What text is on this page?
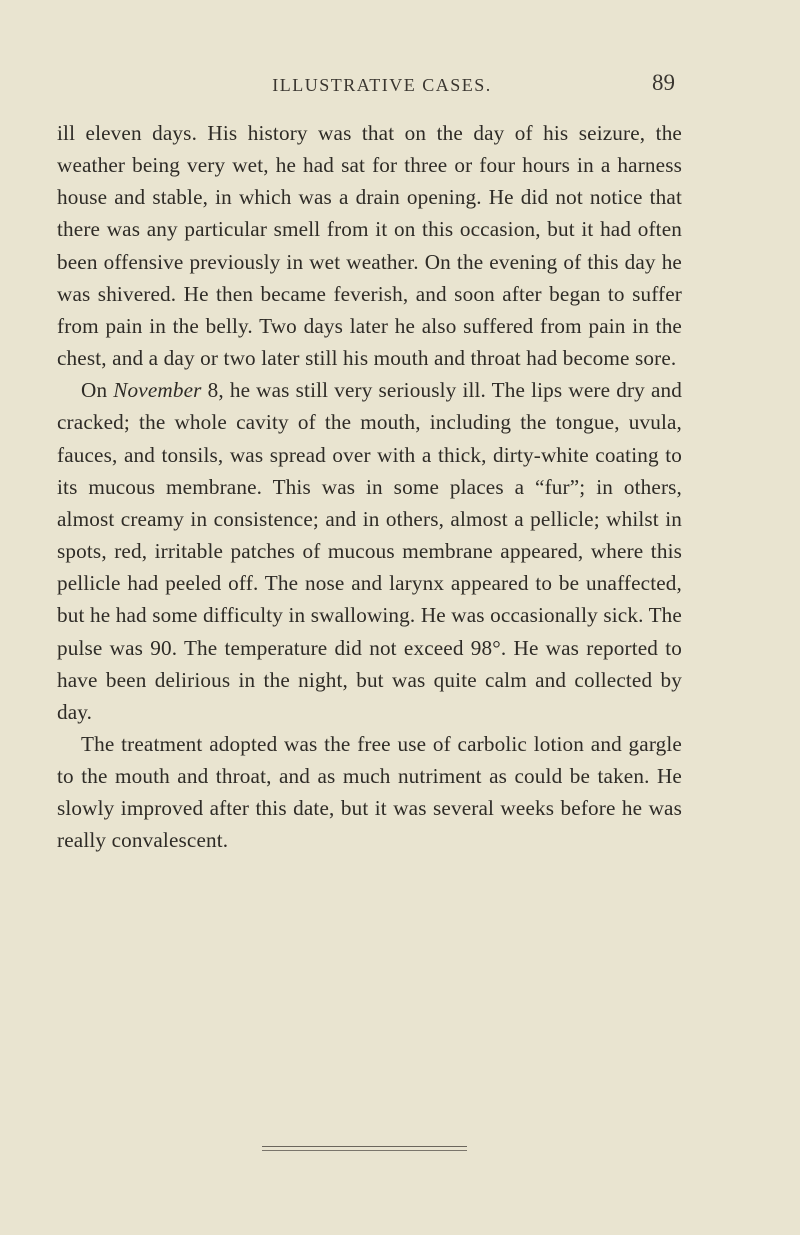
ILLUSTRATIVE CASES.	89

ill eleven days. His history was that on the day of his seizure, the weather being very wet, he had sat for three or four hours in a harness house and stable, in which was a drain opening. He did not notice that there was any particular smell from it on this occasion, but it had often been offensive previously in wet weather. On the evening of this day he was shivered. He then became feverish, and soon after began to suffer from pain in the belly. Two days later he also suffered from pain in the chest, and a day or two later still his mouth and throat had become sore.

On November 8, he was still very seriously ill. The lips were dry and cracked; the whole cavity of the mouth, including the tongue, uvula, fauces, and tonsils, was spread over with a thick, dirty-white coating to its mucous membrane. This was in some places a “fur”; in others, almost creamy in consistence; and in others, almost a pellicle; whilst in spots, red, irritable patches of mucous membrane appeared, where this pellicle had peeled off. The nose and larynx appeared to be unaffected, but he had some difficulty in swallowing. He was occasionally sick. The pulse was 90. The temperature did not exceed 98°. He was reported to have been delirious in the night, but was quite calm and collected by day.

The treatment adopted was the free use of carbolic lotion and gargle to the mouth and throat, and as much nutriment as could be taken. He slowly improved after this date, but it was several weeks before he was really convalescent.
